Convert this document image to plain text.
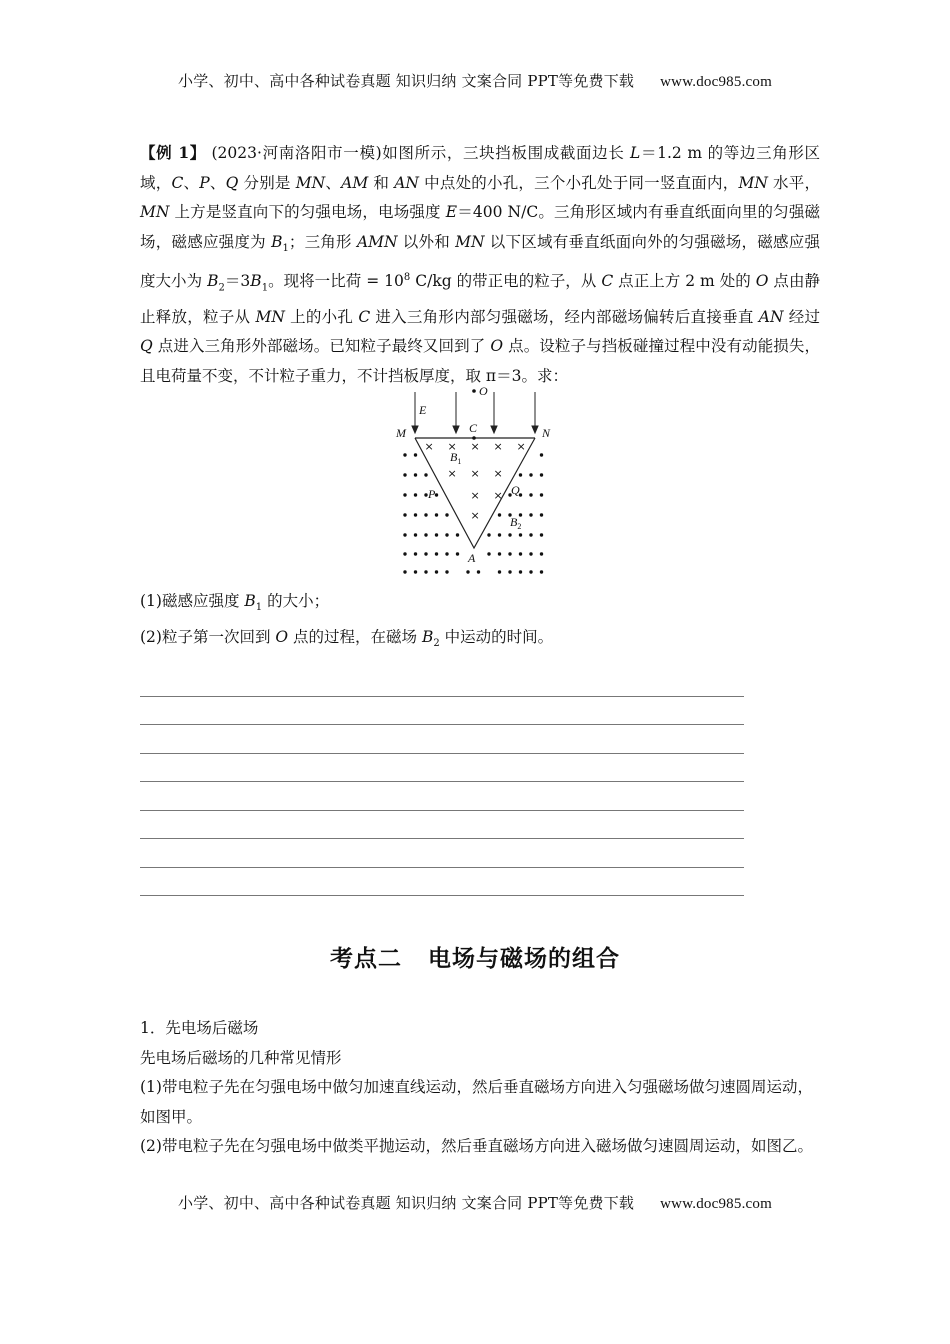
小学、初中、高中各种试卷真题 知识归纳 文案合同 PPT等免费下载 www.doc985.com
【例 1】 (2023·河南洛阳市一模)如图所示，三块挡板围成截面边长 L＝1.2 m 的等边三角形区域，C、P、Q 分别是 MN、AM 和 AN 中点处的小孔，三个小孔处于同一竖直面内，MN 水平，MN 上方是竖直向下的匀强电场，电场强度 E＝400 N/C。三角形区域内有垂直纸面向里的匀强磁场，磁感应强度为 $B_1$；三角形 AMN 以外和 MN 以下区域有垂直纸面向外的匀强磁场，磁感应强度大小为 $B_2=3B_1$。现将一比荷 = $10^8$ C/kg 的带正电的粒子，从 C 点正上方 2 m 处的 O 点由静止释放，粒子从 MN 上的小孔 C 进入三角形内部匀强磁场，经内部磁场偏转后直接垂直 AN 经过 Q 点进入三角形外部磁场。已知粒子最终又回到了 O 点。设粒子与挡板碰撞过程中没有动能损失，且电荷量不变，不计粒子重力，不计挡板厚度，取 π＝3。求：
× × × × ×
× × ×
× ×
×
O
E
M	N
C
$B_1$
P	Q
$B_2$
A
(1)磁感应强度 $B_1$ 的大小；
(2)粒子第一次回到 O 点的过程，在磁场 $B_2$ 中运动的时间。
考点二 电场与磁场的组合
1．先电场后磁场
先电场后磁场的几种常见情形
(1)带电粒子先在匀强电场中做匀加速直线运动，然后垂直磁场方向进入匀强磁场做匀速圆周运动，如图甲。
(2)带电粒子先在匀强电场中做类平抛运动，然后垂直磁场方向进入磁场做匀速圆周运动，如图乙。
小学、初中、高中各种试卷真题 知识归纳 文案合同 PPT等免费下载 www.doc985.com
